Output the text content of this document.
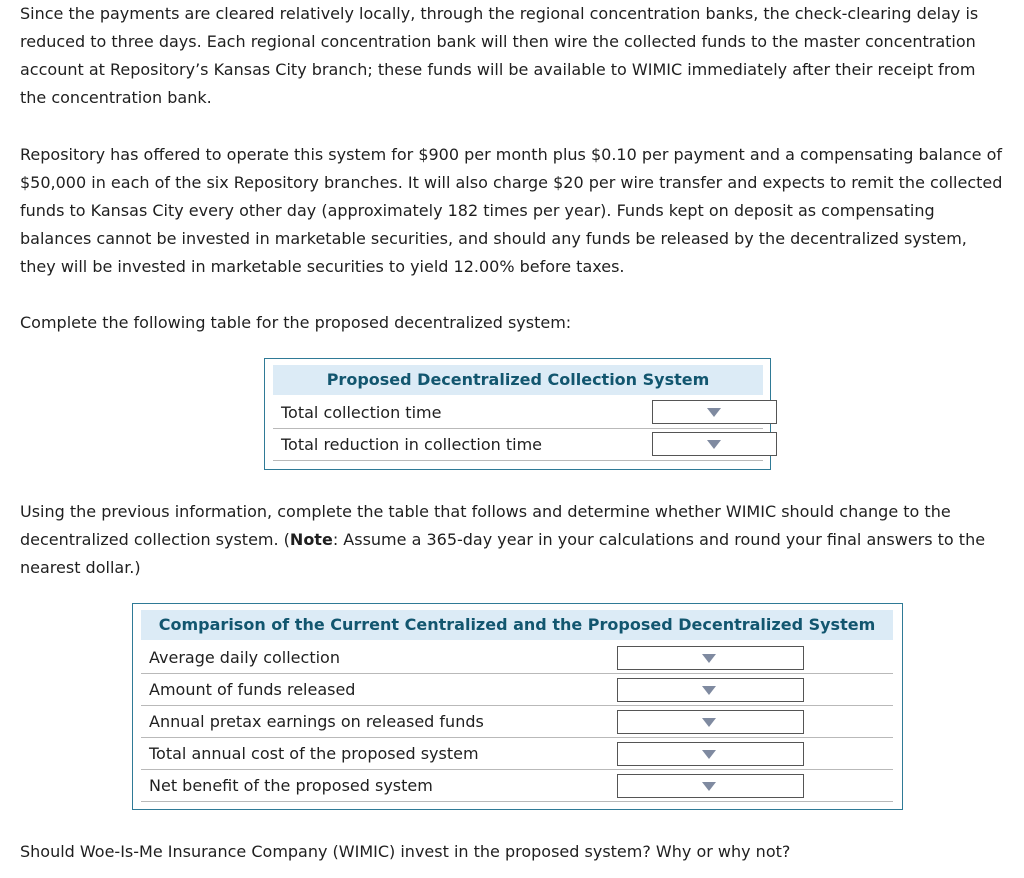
Since the payments are cleared relatively locally, through the regional concentration banks, the check-clearing delay is reduced to three days. Each regional concentration bank will then wire the collected funds to the master concentration account at Repository’s Kansas City branch; these funds will be available to WIMIC immediately after their receipt from the concentration bank.

Repository has offered to operate this system for $900 per month plus $0.10 per payment and a compensating balance of $50,000 in each of the six Repository branches. It will also charge $20 per wire transfer and expects to remit the collected funds to Kansas City every other day (approximately 182 times per year). Funds kept on deposit as compensating balances cannot be invested in marketable securities, and should any funds be released by the decentralized system, they will be invested in marketable securities to yield 12.00% before taxes.

Complete the following table for the proposed decentralized system:

Proposed Decentralized Collection System
Total collection time
Total reduction in collection time

Using the previous information, complete the table that follows and determine whether WIMIC should change to the decentralized collection system. (Note: Assume a 365-day year in your calculations and round your final answers to the nearest dollar.)

Comparison of the Current Centralized and the Proposed Decentralized System
Average daily collection
Amount of funds released
Annual pretax earnings on released funds
Total annual cost of the proposed system
Net benefit of the proposed system

Should Woe-Is-Me Insurance Company (WIMIC) invest in the proposed system? Why or why not?
